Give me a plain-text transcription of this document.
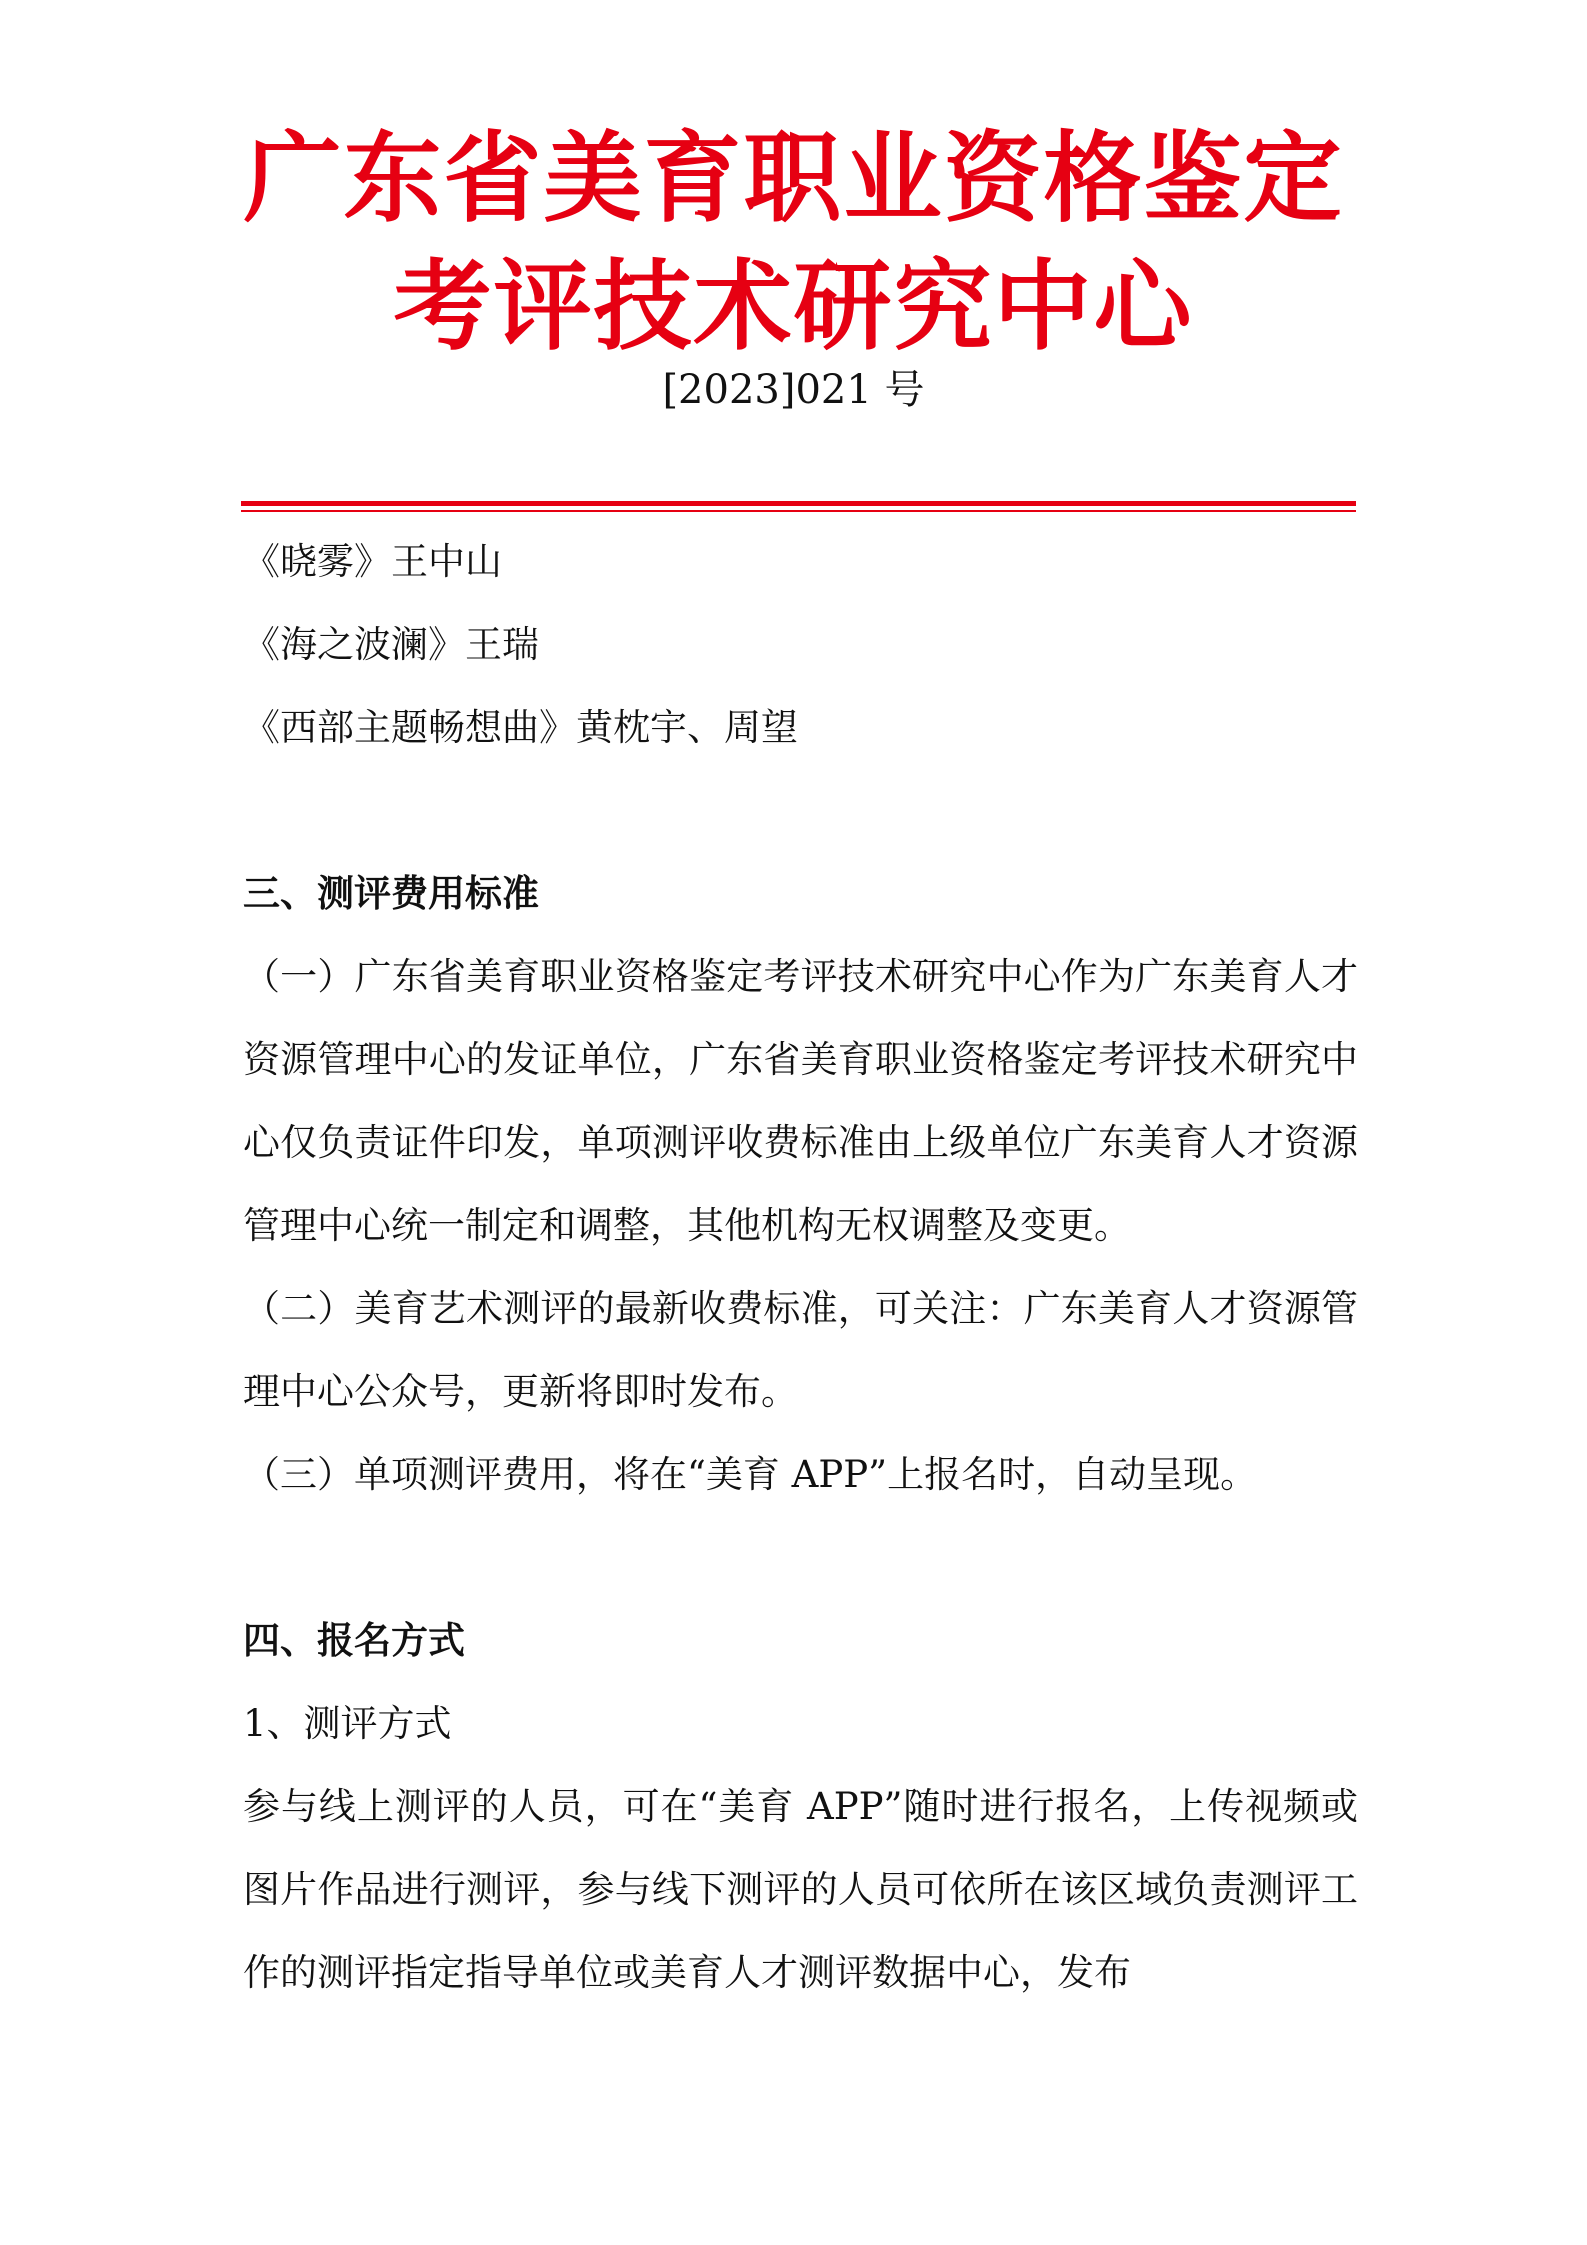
广东省美育职业资格鉴定
考评技术研究中心
[2023]021 号

《晓雾》王中山

《海之波澜》王瑞

《西部主题畅想曲》黄枕宇、周望

三、测评费用标准

（一）广东省美育职业资格鉴定考评技术研究中心作为广东美育人才资源管理中心的发证单位，广东省美育职业资格鉴定考评技术研究中心仅负责证件印发，单项测评收费标准由上级单位广东美育人才资源管理中心统一制定和调整，其他机构无权调整及变更。

（二）美育艺术测评的最新收费标准，可关注：广东美育人才资源管理中心公众号，更新将即时发布。

（三）单项测评费用，将在“美育 APP”上报名时，自动呈现。

四、报名方式

1、测评方式

参与线上测评的人员，可在“美育 APP”随时进行报名，上传视频或图片作品进行测评，参与线下测评的人员可依所在该区域负责测评工作的测评指定指导单位或美育人才测评数据中心，发布
